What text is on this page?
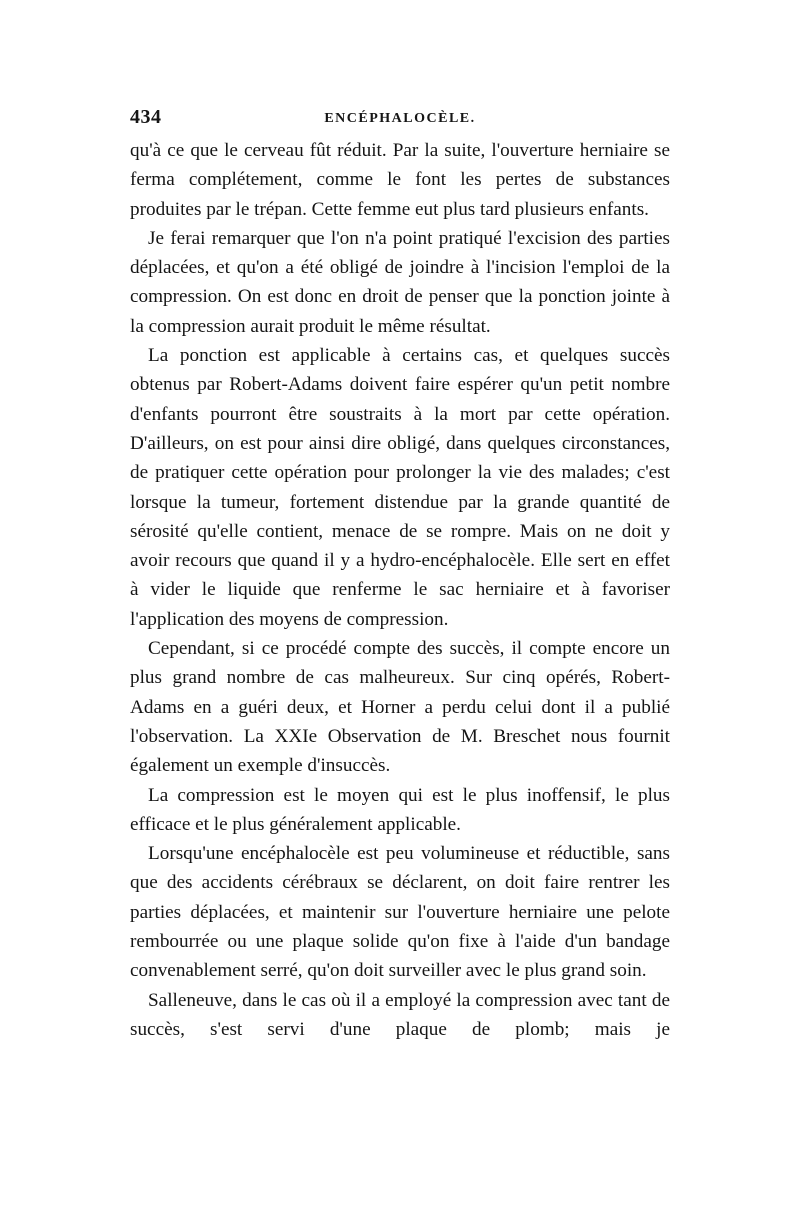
434	ENCÉPHALOCÈLE.

qu'à ce que le cerveau fût réduit. Par la suite, l'ouverture herniaire se ferma complétement, comme le font les pertes de substances produites par le trépan. Cette femme eut plus tard plusieurs enfants.

Je ferai remarquer que l'on n'a point pratiqué l'excision des parties déplacées, et qu'on a été obligé de joindre à l'incision l'emploi de la compression. On est donc en droit de penser que la ponction jointe à la compression aurait produit le même résultat.

La ponction est applicable à certains cas, et quelques succès obtenus par Robert-Adams doivent faire espérer qu'un petit nombre d'enfants pourront être soustraits à la mort par cette opération. D'ailleurs, on est pour ainsi dire obligé, dans quelques circonstances, de pratiquer cette opération pour prolonger la vie des malades; c'est lorsque la tumeur, fortement distendue par la grande quantité de sérosité qu'elle contient, menace de se rompre. Mais on ne doit y avoir recours que quand il y a hydro-encéphalocèle. Elle sert en effet à vider le liquide que renferme le sac herniaire et à favoriser l'application des moyens de compression.

Cependant, si ce procédé compte des succès, il compte encore un plus grand nombre de cas malheureux. Sur cinq opérés, Robert-Adams en a guéri deux, et Horner a perdu celui dont il a publié l'observation. La XXIe Observation de M. Breschet nous fournit également un exemple d'insuccès.

La compression est le moyen qui est le plus inoffensif, le plus efficace et le plus généralement applicable.

Lorsqu'une encéphalocèle est peu volumineuse et réductible, sans que des accidents cérébraux se déclarent, on doit faire rentrer les parties déplacées, et maintenir sur l'ouverture herniaire une pelote rembourrée ou une plaque solide qu'on fixe à l'aide d'un bandage convenablement serré, qu'on doit surveiller avec le plus grand soin.

Salleneuve, dans le cas où il a employé la compression avec tant de succès, s'est servi d'une plaque de plomb; mais je
